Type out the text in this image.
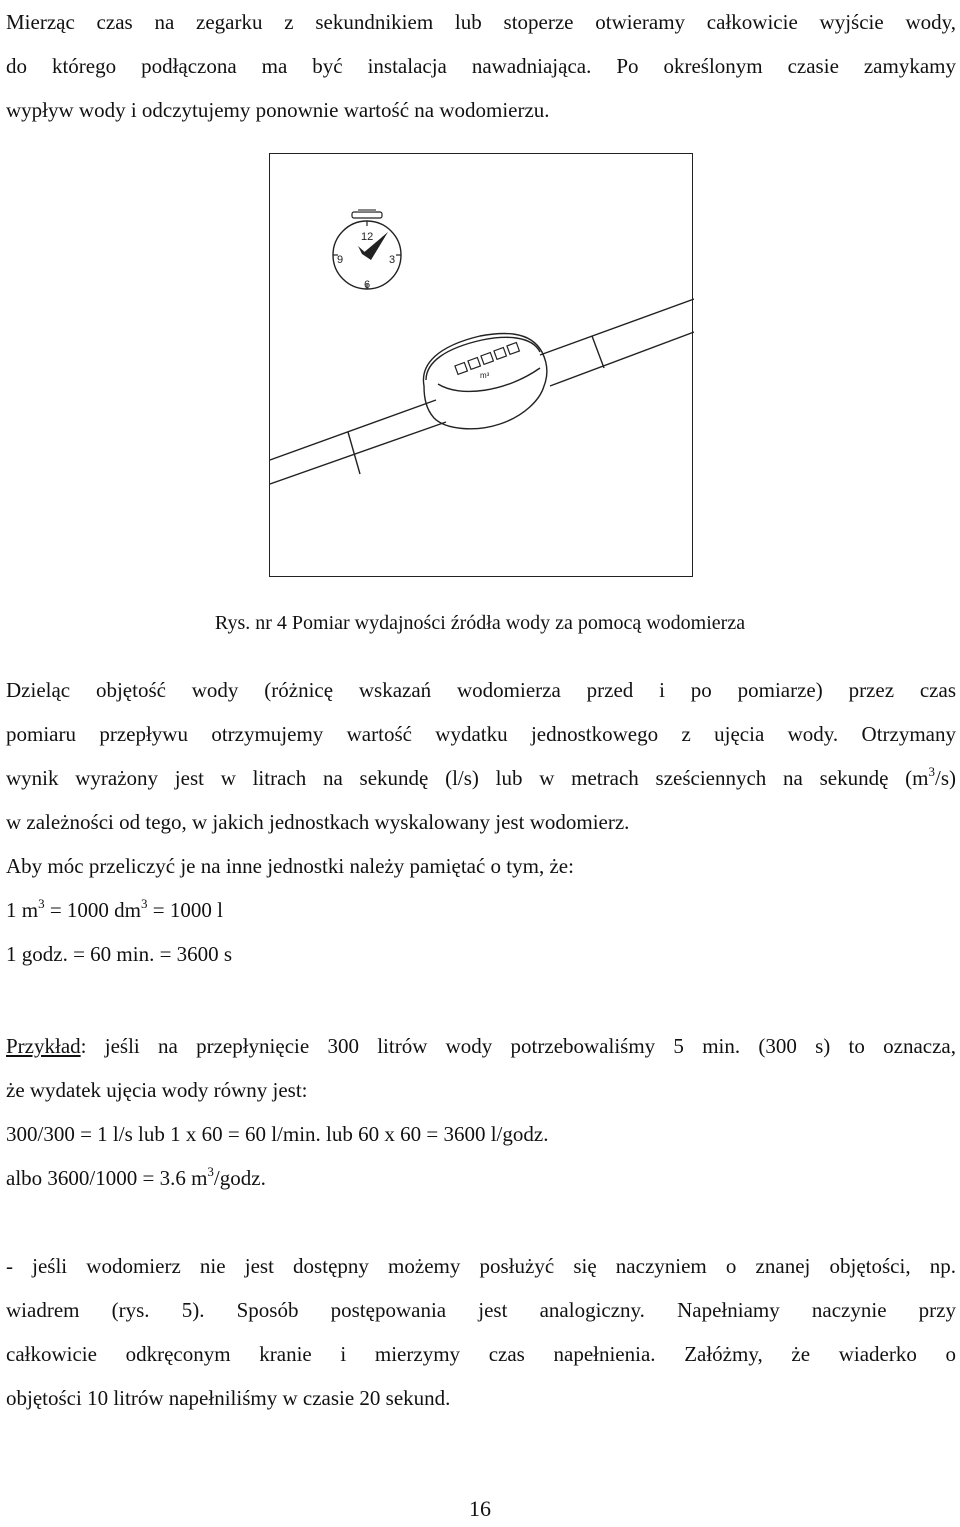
Mierząc czas na zegarku z sekundnikiem lub stoperze otwieramy całkowicie wyjście wody,
do którego podłączona ma być instalacja nawadniająca. Po określonym czasie zamykamy
wypływ wody i odczytujemy ponownie wartość na wodomierzu.
m³
12
3
6
9
Rys. nr 4 Pomiar wydajności źródła wody za pomocą wodomierza
Dzieląc objętość wody (różnicę wskazań wodomierza przed i po pomiarze) przez czas
pomiaru przepływu otrzymujemy wartość wydatku jednostkowego z ujęcia wody. Otrzymany
wynik wyrażony jest w litrach na sekundę (l/s) lub w metrach sześciennych na sekundę $(m^3/s)$
w zależności od tego, w jakich jednostkach wyskalowany jest wodomierz.
Aby móc przeliczyć je na inne jednostki należy pamiętać o tym, że:
1 $m^3 = 1000$ $dm^3 = 1000$ l
1 godz. = 60 min. = 3600 s
Przykład: jeśli na przepłynięcie 300 litrów wody potrzebowaliśmy 5 min. (300 s) to oznacza,
że wydatek ujęcia wody równy jest:
300/300 = 1 l/s lub 1 x 60 = 60 l/min. lub 60 x 60 = 3600 l/godz.
albo 3600/1000 = 3.6 $m^3$/godz.
- jeśli wodomierz nie jest dostępny możemy posłużyć się naczyniem o znanej objętości, np.
wiadrem (rys. 5). Sposób postępowania jest analogiczny. Napełniamy naczynie przy
całkowicie odkręconym kranie i mierzymy czas napełnienia. Załóżmy, że wiaderko o
objętości 10 litrów napełniliśmy w czasie 20 sekund.
16
